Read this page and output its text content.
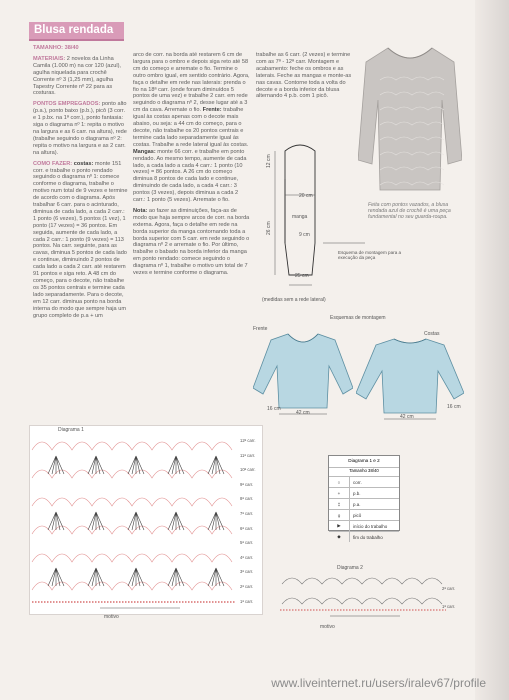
Blusa rendada

TAMANHO: 38/40

MATERIAIS: 2 novelos da Linha Camila (1.000 m) na cor 120 (azul), agulha niquelada para crochê Corrente nº 3 (1,25 mm), agulha Tapestry Corrente nº 22 para as costuras.

PONTOS EMPREGADOS: ponto alto (p.a.), ponto baixo (p.b.), picô (3 corr. e 1 p.bx. na 1ª corr.), ponto fantasia: siga o diagrama nº 1: repita o motivo na largura e as 6 carr. na altura), rede (trabalhe seguindo o diagrama nº 2: repita o motivo na largura e as 2 carr. na altura).

COMO FAZER: costas: monte 151 corr. e trabalhe o ponto rendado seguindo o diagrama nº 1: comece conforme o diagrama, trabalhe o motivo num total de 9 vezes e termine de acordo com o diagrama. Após trabalhar 6 carr. para o acinturado, diminua de cada lado, a cada 2 carr.: 1 ponto (6 vezes), 5 pontos (1 vez), 1 ponto (17 vezes) = 36 pontos. Em seguida, aumente de cada lado, a cada 2 carr.: 1 ponto (9 vezes) = 113 pontos. Na carr. seguinte, para as cavas, diminua 5 pontos de cada lado e continue, diminuindo 2 pontos de cada lado a cada 2 carr. até restarem 91 pontos e siga reto. A 48 cm do começo, para o decote, não trabalhe os 35 pontos centrais e termine cada lado separadamente. Para o decote, em 12 carr. diminua ponto na borda interna do modo que sempre haja um grupo completo de p.a + um

arco de corr. na borda até restarem 6 cm de largura para o ombro e depois siga reto até 58 cm do começo e arremate o fio. Termine o outro ombro igual, em sentido contrário. Agora, faça o detalhe em rede nas laterais: prenda o fio na 18ª carr. (onde foram diminuídos 5 pontos de uma vez) e trabalhe 2 carr. em rede seguindo o diagrama nº 2, desse lugar até a 3 cm da cava. Arremate o fio. Frente: trabalhe igual às costas apenas com o decote mais abaixo, ou seja: a 44 cm do começo, para o decote, não trabalhe os 20 pontos centrais e termine cada lado separadamente igual às costas. Trabalhe a rede lateral igual às costas. Mangas: monte 66 corr. e trabalhe em ponto rendado. Ao mesmo tempo, aumente de cada lado, a cada lado a cada 4 carr.: 1 ponto (10 vezes) = 86 pontos. A 26 cm do começo diminua 8 pontos de cada lado e continue, diminuindo de cada lado, a cada 4 carr.: 3 pontos (3 vezes), depois diminua a cada 2 carr.: 1 ponto (5 vezes). Arremate o fio.

Nota: ao fazer as diminuições, faça-as de modo que haja sempre arcos de corr. na borda externa. Agora, faça o detalhe em rede na borda superior da manga contornando toda a borda superior com 5 carr. em rede seguindo o diagrama nº 2 e arremate o fio. Por último, trabalhe o babado na borda inferior da manga em ponto rendado: comece seguindo o diagrama nº 1, trabalhe o motivo um total de 7 vezes e termine conforme o diagrama.

trabalhe as 6 carr. (2 vezes) e termine com as 7ª - 12ª carr. Montagem e acabamento: feche os ombros e as laterais. Feche as mangas e monte-as nas cavas. Contorne toda a volta do decote e a borda inferior da blusa alternando 4 p.b. com 1 picô.

Feita com pontos vazados, a blusa rendada azul de crochê é uma peça fundamental no seu guarda-roupa.
20 cm
12 cm
26 cm	9 cm
manga
25 cm
Esquema de montagem para a execução da peça
(medidas sem a rede lateral)
Frente
Esquemas de montagem
Costas
42 cm
16 cm
42 cm
16 cm
Diagrama 1
motivo
12ª carr.
11ª carr.
10ª carr.
9ª carr.
8ª carr.
7ª carr.
6ª carr.
5ª carr.
4ª carr.
3ª carr.
2ª carr.
1ª carr.
Diagrama 1 e 2
Tamanho 38/40
○	corr.
+	p.b.
‡	p.a.
ǫ	picô
▶	início do trabalho
◆	fim do trabalho
Diagrama 2
motivo
2ª carr.
1ª carr.
www.liveinternet.ru/users/iralev67/profile
